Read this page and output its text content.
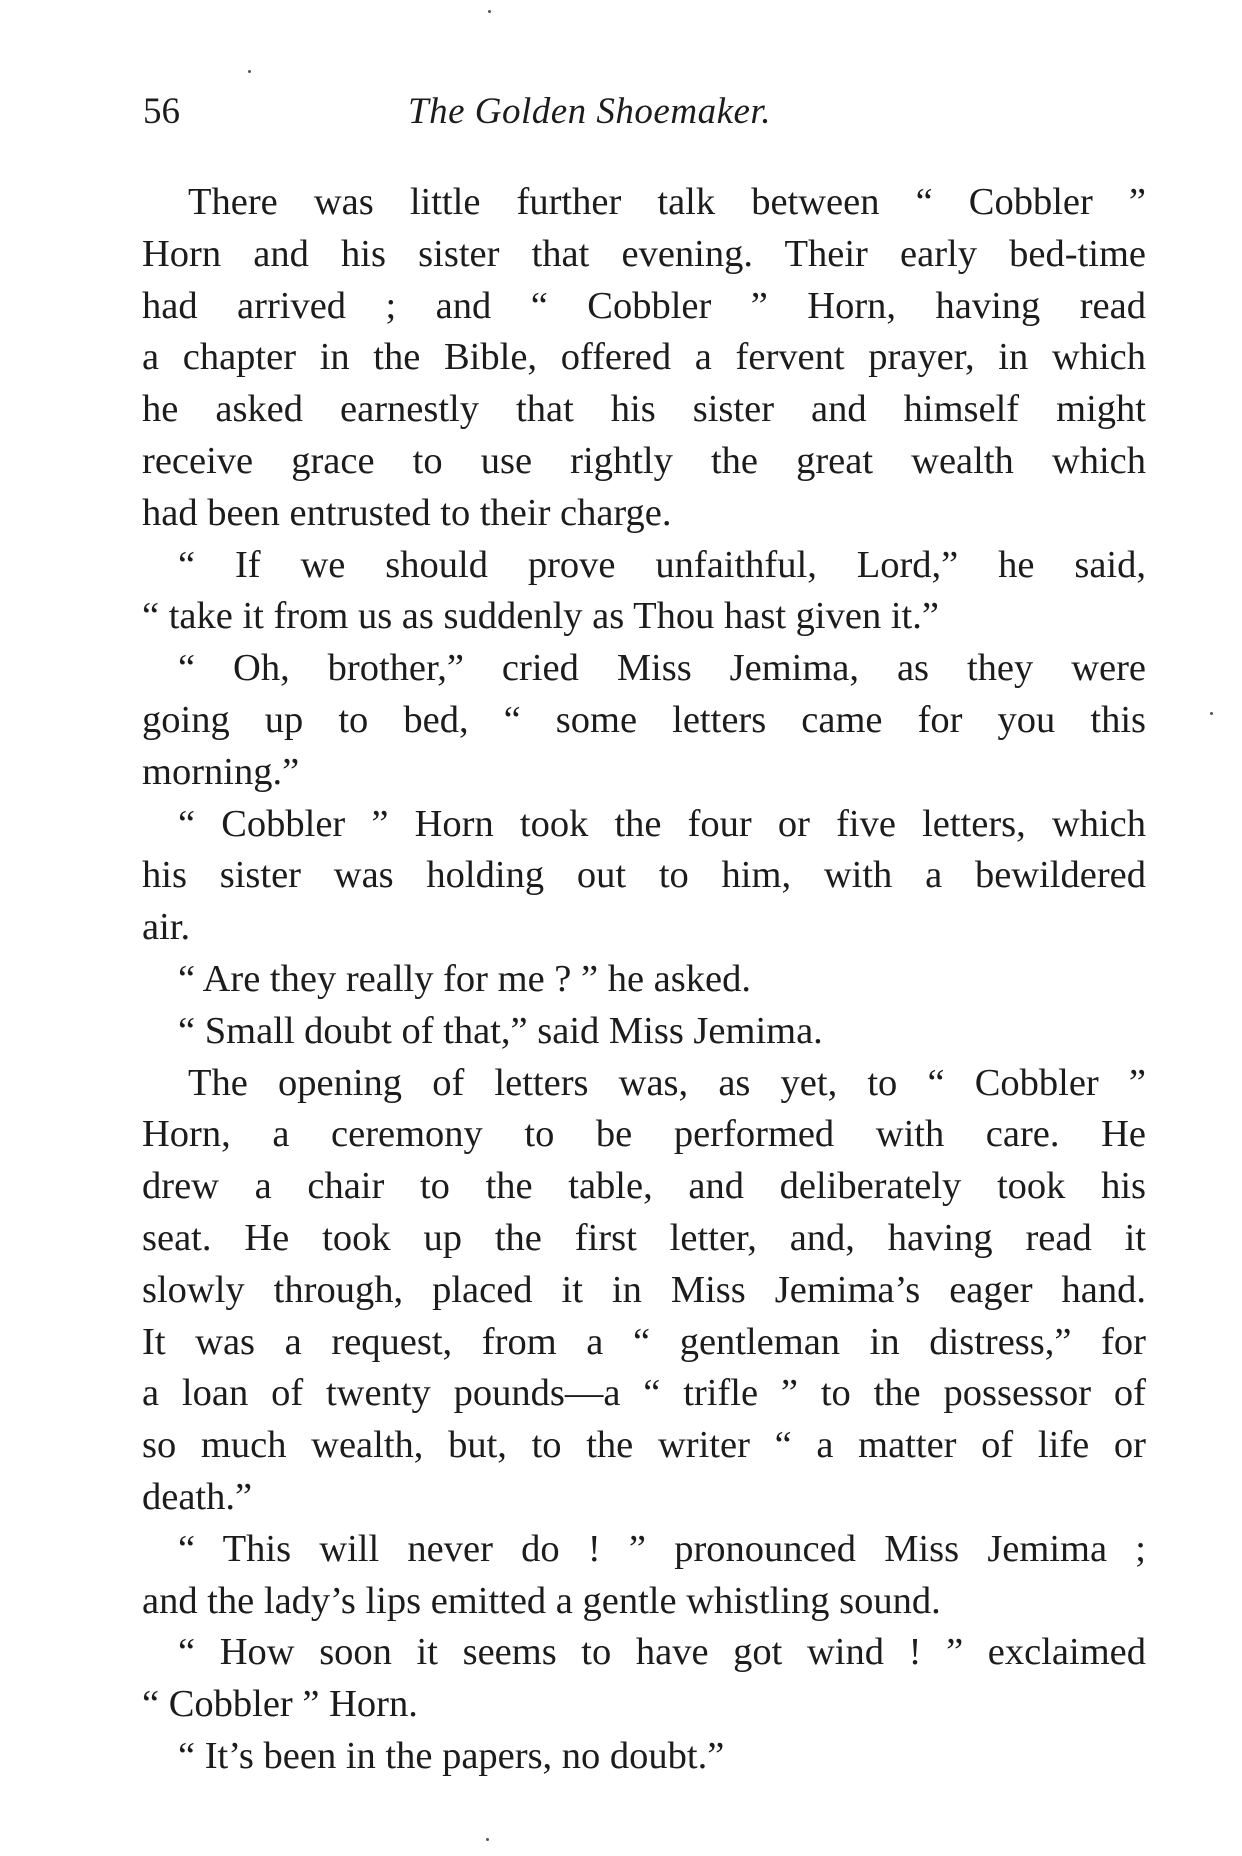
56	The Golden Shoemaker.
There was little further talk between “ Cobbler ”
Horn and his sister that evening. Their early bed-time
had arrived ; and “ Cobbler ” Horn, having read
a chapter in the Bible, offered a fervent prayer, in which
he asked earnestly that his sister and himself might
receive grace to use rightly the great wealth which
had been entrusted to their charge.
“ If we should prove unfaithful, Lord,” he said,
“ take it from us as suddenly as Thou hast given it.”
“ Oh, brother,” cried Miss Jemima, as they were
going up to bed, “ some letters came for you this
morning.”
“ Cobbler ” Horn took the four or five letters, which
his sister was holding out to him, with a bewildered
air.
“ Are they really for me ? ” he asked.
“ Small doubt of that,” said Miss Jemima.
The opening of letters was, as yet, to “ Cobbler ”
Horn, a ceremony to be performed with care. He
drew a chair to the table, and deliberately took his
seat. He took up the first letter, and, having read it
slowly through, placed it in Miss Jemima’s eager hand.
It was a request, from a “ gentleman in distress,” for
a loan of twenty pounds—a “ trifle ” to the possessor of
so much wealth, but, to the writer “ a matter of life or
death.”
“ This will never do ! ” pronounced Miss Jemima ;
and the lady’s lips emitted a gentle whistling sound.
“ How soon it seems to have got wind ! ” exclaimed
“ Cobbler ” Horn.
“ It’s been in the papers, no doubt.”
